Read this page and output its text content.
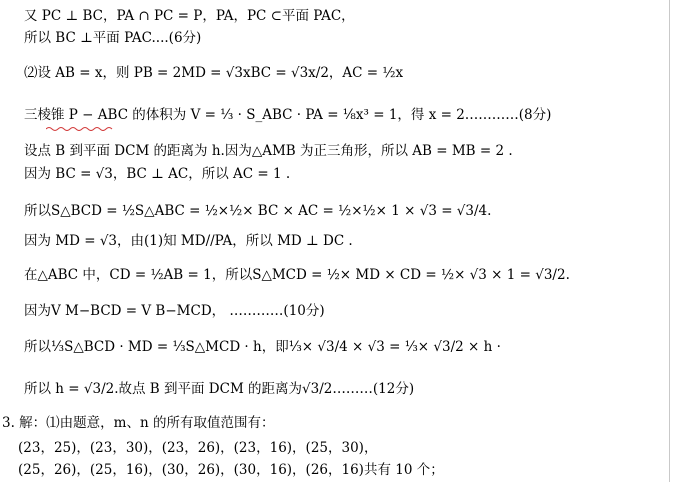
又 PC ⊥ BC，PA ∩ PC = P，PA，PC ⊂平面 PAC，
所以 BC ⊥平面 PAC....(6分)
⑵设 AB = x，则 PB = 2MD = √3xBC = √3x/2，AC = ½x
三棱锥 P − ABC 的体积为 V = ⅓ · S_ABC · PA = ⅛x³ = 1，得 x = 2…………(8分)
设点 B 到平面 DCM 的距离为 h.因为△AMB 为正三角形，所以 AB = MB = 2 .
因为 BC = √3，BC ⊥ AC，所以 AC = 1 .
所以S△BCD = ½S△ABC = ½×½× BC × AC = ½×½× 1 × √3 = √3/4.
因为 MD = √3，由(1)知 MD//PA，所以 MD ⊥ DC .
在△ABC 中，CD = ½AB = 1，所以S△MCD = ½× MD × CD = ½× √3 × 1 = √3/2.
因为V M−BCD = V B−MCD， …………(10分)
所以⅓S△BCD · MD = ⅓S△MCD · h，即⅓× √3/4 × √3 = ⅓× √3/2 × h ·
所以 h = √3/2.故点 B 到平面 DCM 的距离为√3/2………(12分)
3. 解：⑴由题意，m、n 的所有取值范围有：
(23，25)，(23，30)，(23，26)，(23，16)，(25，30)，
(25，26)，(25，16)，(30，26)，(30，16)，(26，16)共有 10 个；
